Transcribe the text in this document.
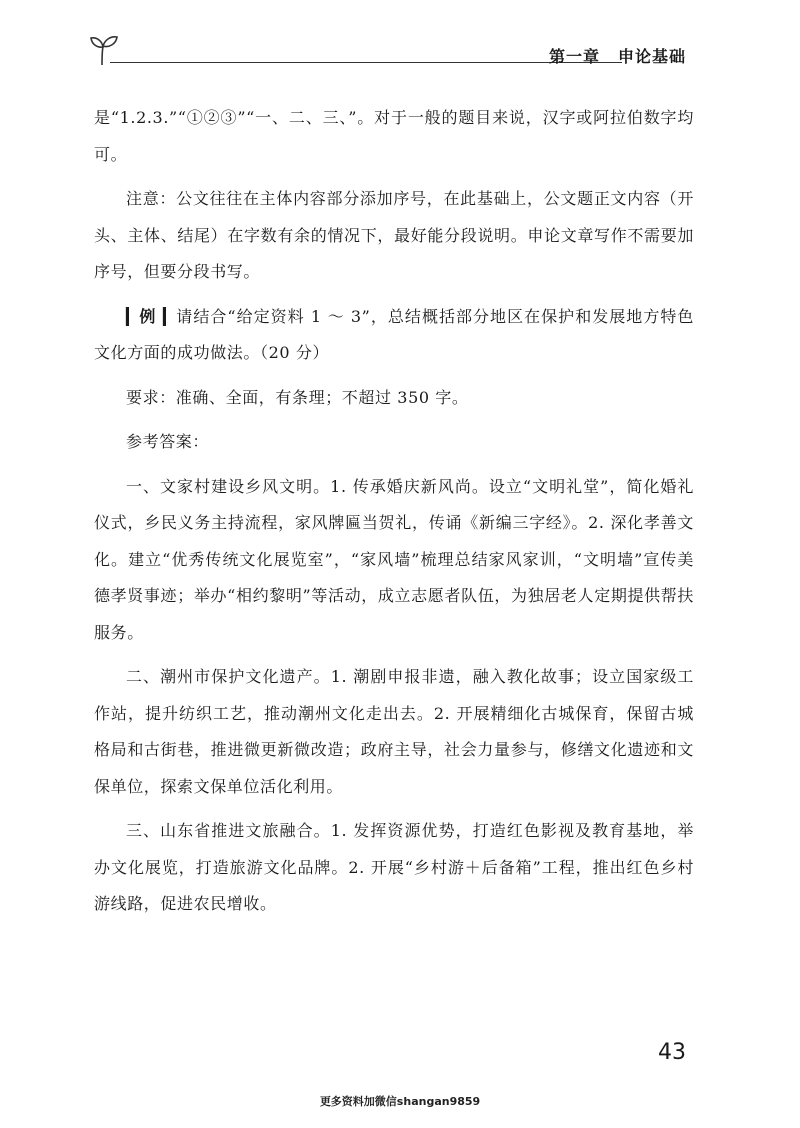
第一章 申论基础

是“1.2.3.”“①②③”“一、二、三、”。对于一般的题目来说，汉字或阿拉伯数字均可。

注意：公文往往在主体内容部分添加序号，在此基础上，公文题正文内容（开头、主体、结尾）在字数有余的情况下，最好能分段说明。申论文章写作不需要加序号，但要分段书写。

▎例 ▎请结合“给定资料 1 ～ 3”，总结概括部分地区在保护和发展地方特色文化方面的成功做法。（20 分）

要求：准确、全面，有条理；不超过 350 字。

参考答案：

一、文家村建设乡风文明。1. 传承婚庆新风尚。设立“文明礼堂”，简化婚礼仪式，乡民义务主持流程，家风牌匾当贺礼，传诵《新编三字经》。2. 深化孝善文化。建立“优秀传统文化展览室”，“家风墙”梳理总结家风家训，“文明墙”宣传美德孝贤事迹；举办“相约黎明”等活动，成立志愿者队伍，为独居老人定期提供帮扶服务。

二、潮州市保护文化遗产。1. 潮剧申报非遗，融入教化故事；设立国家级工作站，提升纺织工艺，推动潮州文化走出去。2. 开展精细化古城保育，保留古城格局和古街巷，推进微更新微改造；政府主导，社会力量参与，修缮文化遗迹和文保单位，探索文保单位活化利用。

三、山东省推进文旅融合。1. 发挥资源优势，打造红色影视及教育基地，举办文化展览，打造旅游文化品牌。2. 开展“乡村游＋后备箱”工程，推出红色乡村游线路，促进农民增收。

43
更多资料加微信shangan9859
